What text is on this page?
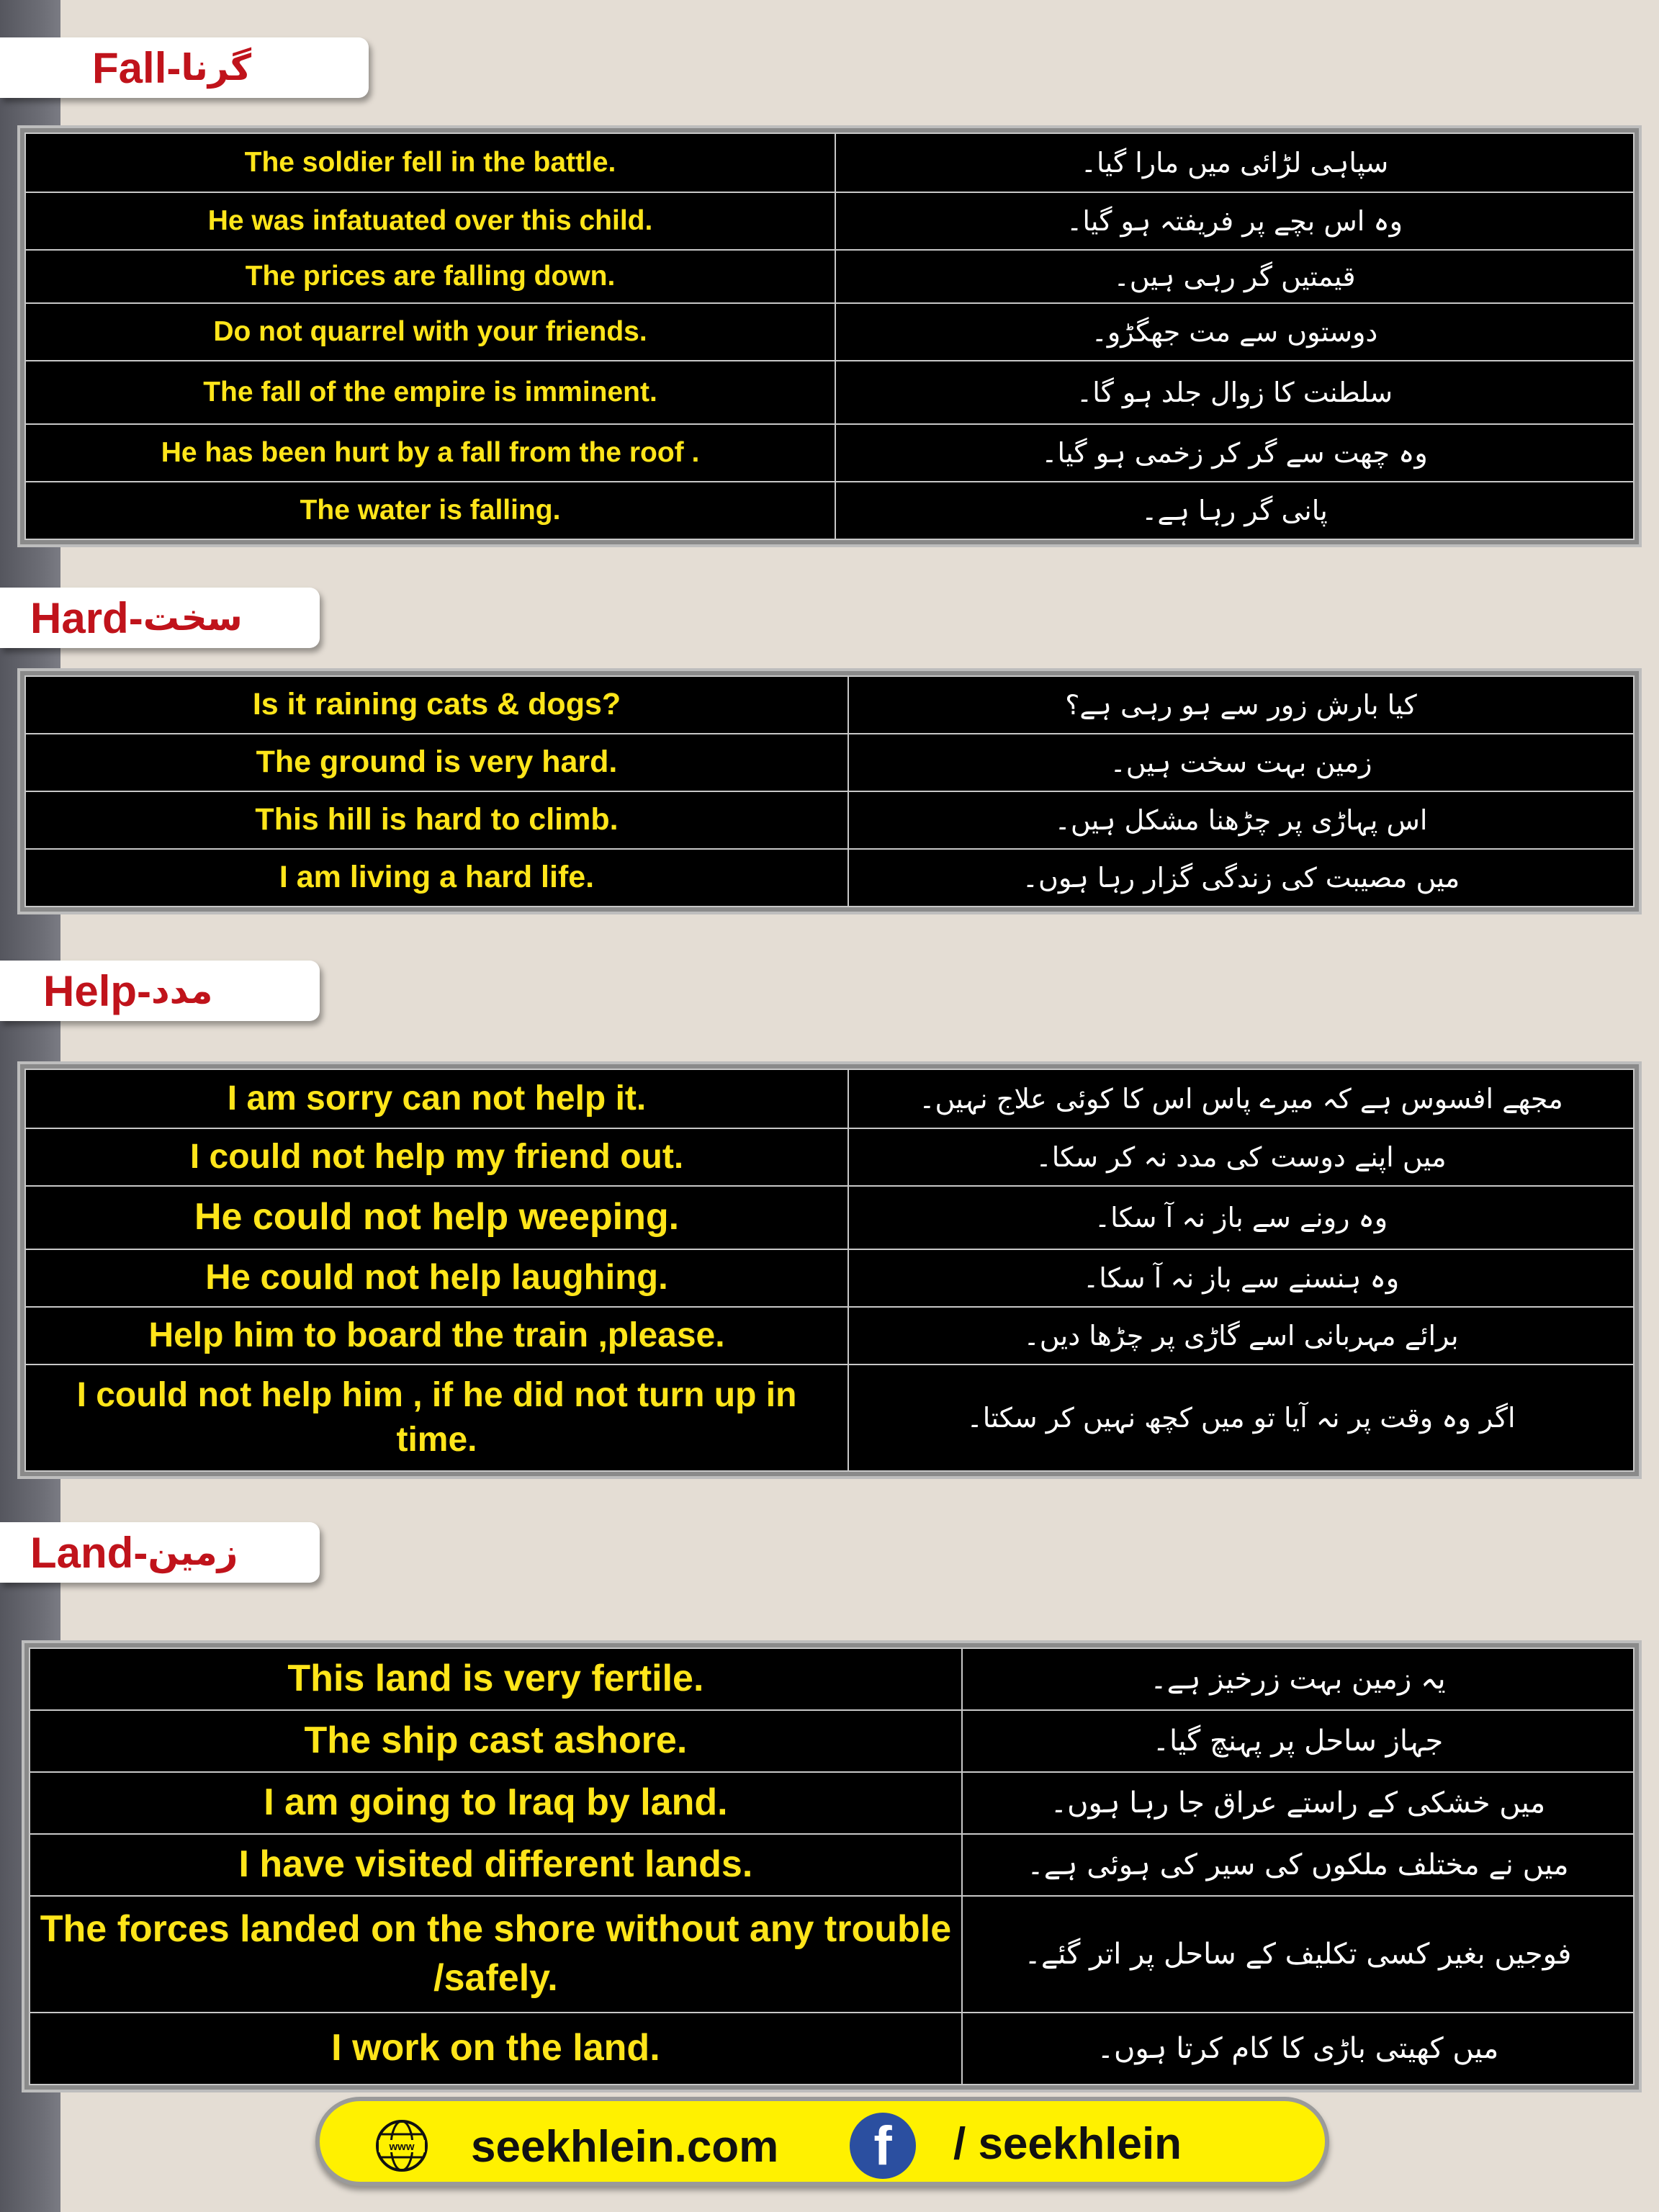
Fall- گرنا
The soldier fell in the battle.	سپاہی لڑائی میں مارا گیا۔
He was infatuated over this child.	وہ اس بچے پر فریفتہ ہو گیا۔
The prices are falling down.	قیمتیں گر رہی ہیں۔
Do not quarrel with your friends.	دوستوں سے مت جھگڑو۔
The fall of the empire is imminent.	سلطنت کا زوال جلد ہو گا۔
He has been hurt by a fall from the roof .	وہ چھت سے گر کر زخمی ہو گیا۔
The water is falling.	پانی گر رہا ہے۔
Hard- سخت
Is it raining cats & dogs?	کیا بارش زور سے ہو رہی ہے؟
The ground is very hard.	زمین بہت سخت ہیں۔
This hill is hard to climb.	اس پہاڑی پر چڑھنا مشکل ہیں۔
I am living a hard life.	میں مصیبت کی زندگی گزار رہا ہوں۔
Help- مدد
I am sorry can not help it.	مجھے افسوس ہے کہ میرے پاس اس کا کوئی علاج نہیں۔
I could not help my friend out.	میں اپنے دوست کی مدد نہ کر سکا۔
He could not help weeping.	وہ رونے سے باز نہ آ سکا۔
He could not help laughing.	وہ ہنسنے سے باز نہ آ سکا۔
Help him to board the train ,please.	برائے مہربانی اسے گاڑی پر چڑھا دیں۔
I could not help him , if he did not turn up in time.	اگر وہ وقت پر نہ آیا تو میں کچھ نہیں کر سکتا۔
Land- زمین
This land is very fertile.	یہ زمین بہت زرخیز ہے۔
The ship cast ashore.	جہاز ساحل پر پہنچ گیا۔
I am going to Iraq by land.	میں خشکی کے راستے عراق جا رہا ہوں۔
I have visited different lands.	میں نے مختلف ملکوں کی سیر کی ہوئی ہے۔
The forces landed on the shore without any trouble /safely.	فوجیں بغیر کسی تکلیف کے ساحل پر اتر گئے۔
I work on the land.	میں کھیتی باڑی کا کام کرتا ہوں۔
www seekhlein.com	f	/ seekhlein
